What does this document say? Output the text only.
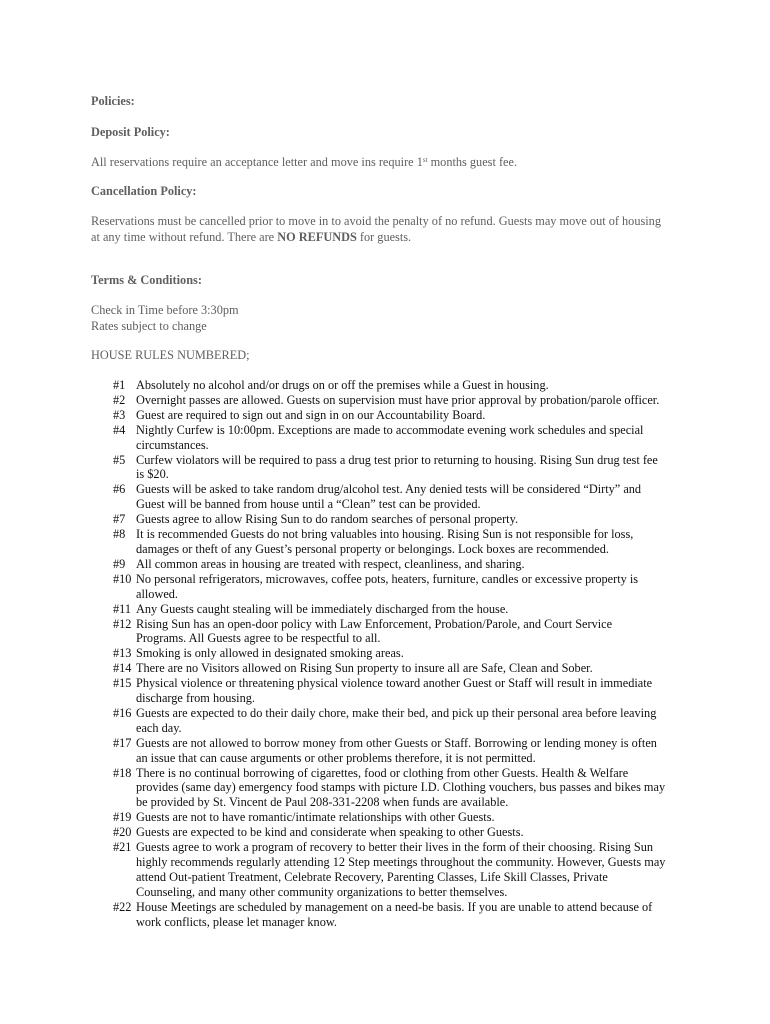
Policies:
Deposit Policy:
All reservations require an acceptance letter and move ins require 1st months guest fee.
Cancellation Policy:
Reservations must be cancelled prior to move in to avoid the penalty of no refund. Guests may move out of housing
at any time without refund. There are NO REFUNDS for guests.
Terms & Conditions:
Check in Time before 3:30pm
Rates subject to change
HOUSE RULES NUMBERED;
#1 Absolutely no alcohol and/or drugs on or off the premises while a Guest in housing.
#2 Overnight passes are allowed. Guests on supervision must have prior approval by probation/parole officer.
#3 Guest are required to sign out and sign in on our Accountability Board.
#4 Nightly Curfew is 10:00pm. Exceptions are made to accommodate evening work schedules and special
circumstances.
#5 Curfew violators will be required to pass a drug test prior to returning to housing. Rising Sun drug test fee
is $20.
#6 Guests will be asked to take random drug/alcohol test. Any denied tests will be considered “Dirty” and
Guest will be banned from house until a “Clean” test can be provided.
#7 Guests agree to allow Rising Sun to do random searches of personal property.
#8 It is recommended Guests do not bring valuables into housing. Rising Sun is not responsible for loss,
damages or theft of any Guest’s personal property or belongings. Lock boxes are recommended.
#9 All common areas in housing are treated with respect, cleanliness, and sharing.
#10 No personal refrigerators, microwaves, coffee pots, heaters, furniture, candles or excessive property is
allowed.
#11 Any Guests caught stealing will be immediately discharged from the house.
#12 Rising Sun has an open-door policy with Law Enforcement, Probation/Parole, and Court Service
Programs. All Guests agree to be respectful to all.
#13 Smoking is only allowed in designated smoking areas.
#14 There are no Visitors allowed on Rising Sun property to insure all are Safe, Clean and Sober.
#15 Physical violence or threatening physical violence toward another Guest or Staff will result in immediate
discharge from housing.
#16 Guests are expected to do their daily chore, make their bed, and pick up their personal area before leaving
each day.
#17 Guests are not allowed to borrow money from other Guests or Staff. Borrowing or lending money is often
an issue that can cause arguments or other problems therefore, it is not permitted.
#18 There is no continual borrowing of cigarettes, food or clothing from other Guests. Health & Welfare
provides (same day) emergency food stamps with picture I.D. Clothing vouchers, bus passes and bikes may
be provided by St. Vincent de Paul 208-331-2208 when funds are available.
#19 Guests are not to have romantic/intimate relationships with other Guests.
#20 Guests are expected to be kind and considerate when speaking to other Guests.
#21 Guests agree to work a program of recovery to better their lives in the form of their choosing. Rising Sun
highly recommends regularly attending 12 Step meetings throughout the community. However, Guests may
attend Out-patient Treatment, Celebrate Recovery, Parenting Classes, Life Skill Classes, Private
Counseling, and many other community organizations to better themselves.
#22 House Meetings are scheduled by management on a need-be basis. If you are unable to attend because of
work conflicts, please let manager know.
